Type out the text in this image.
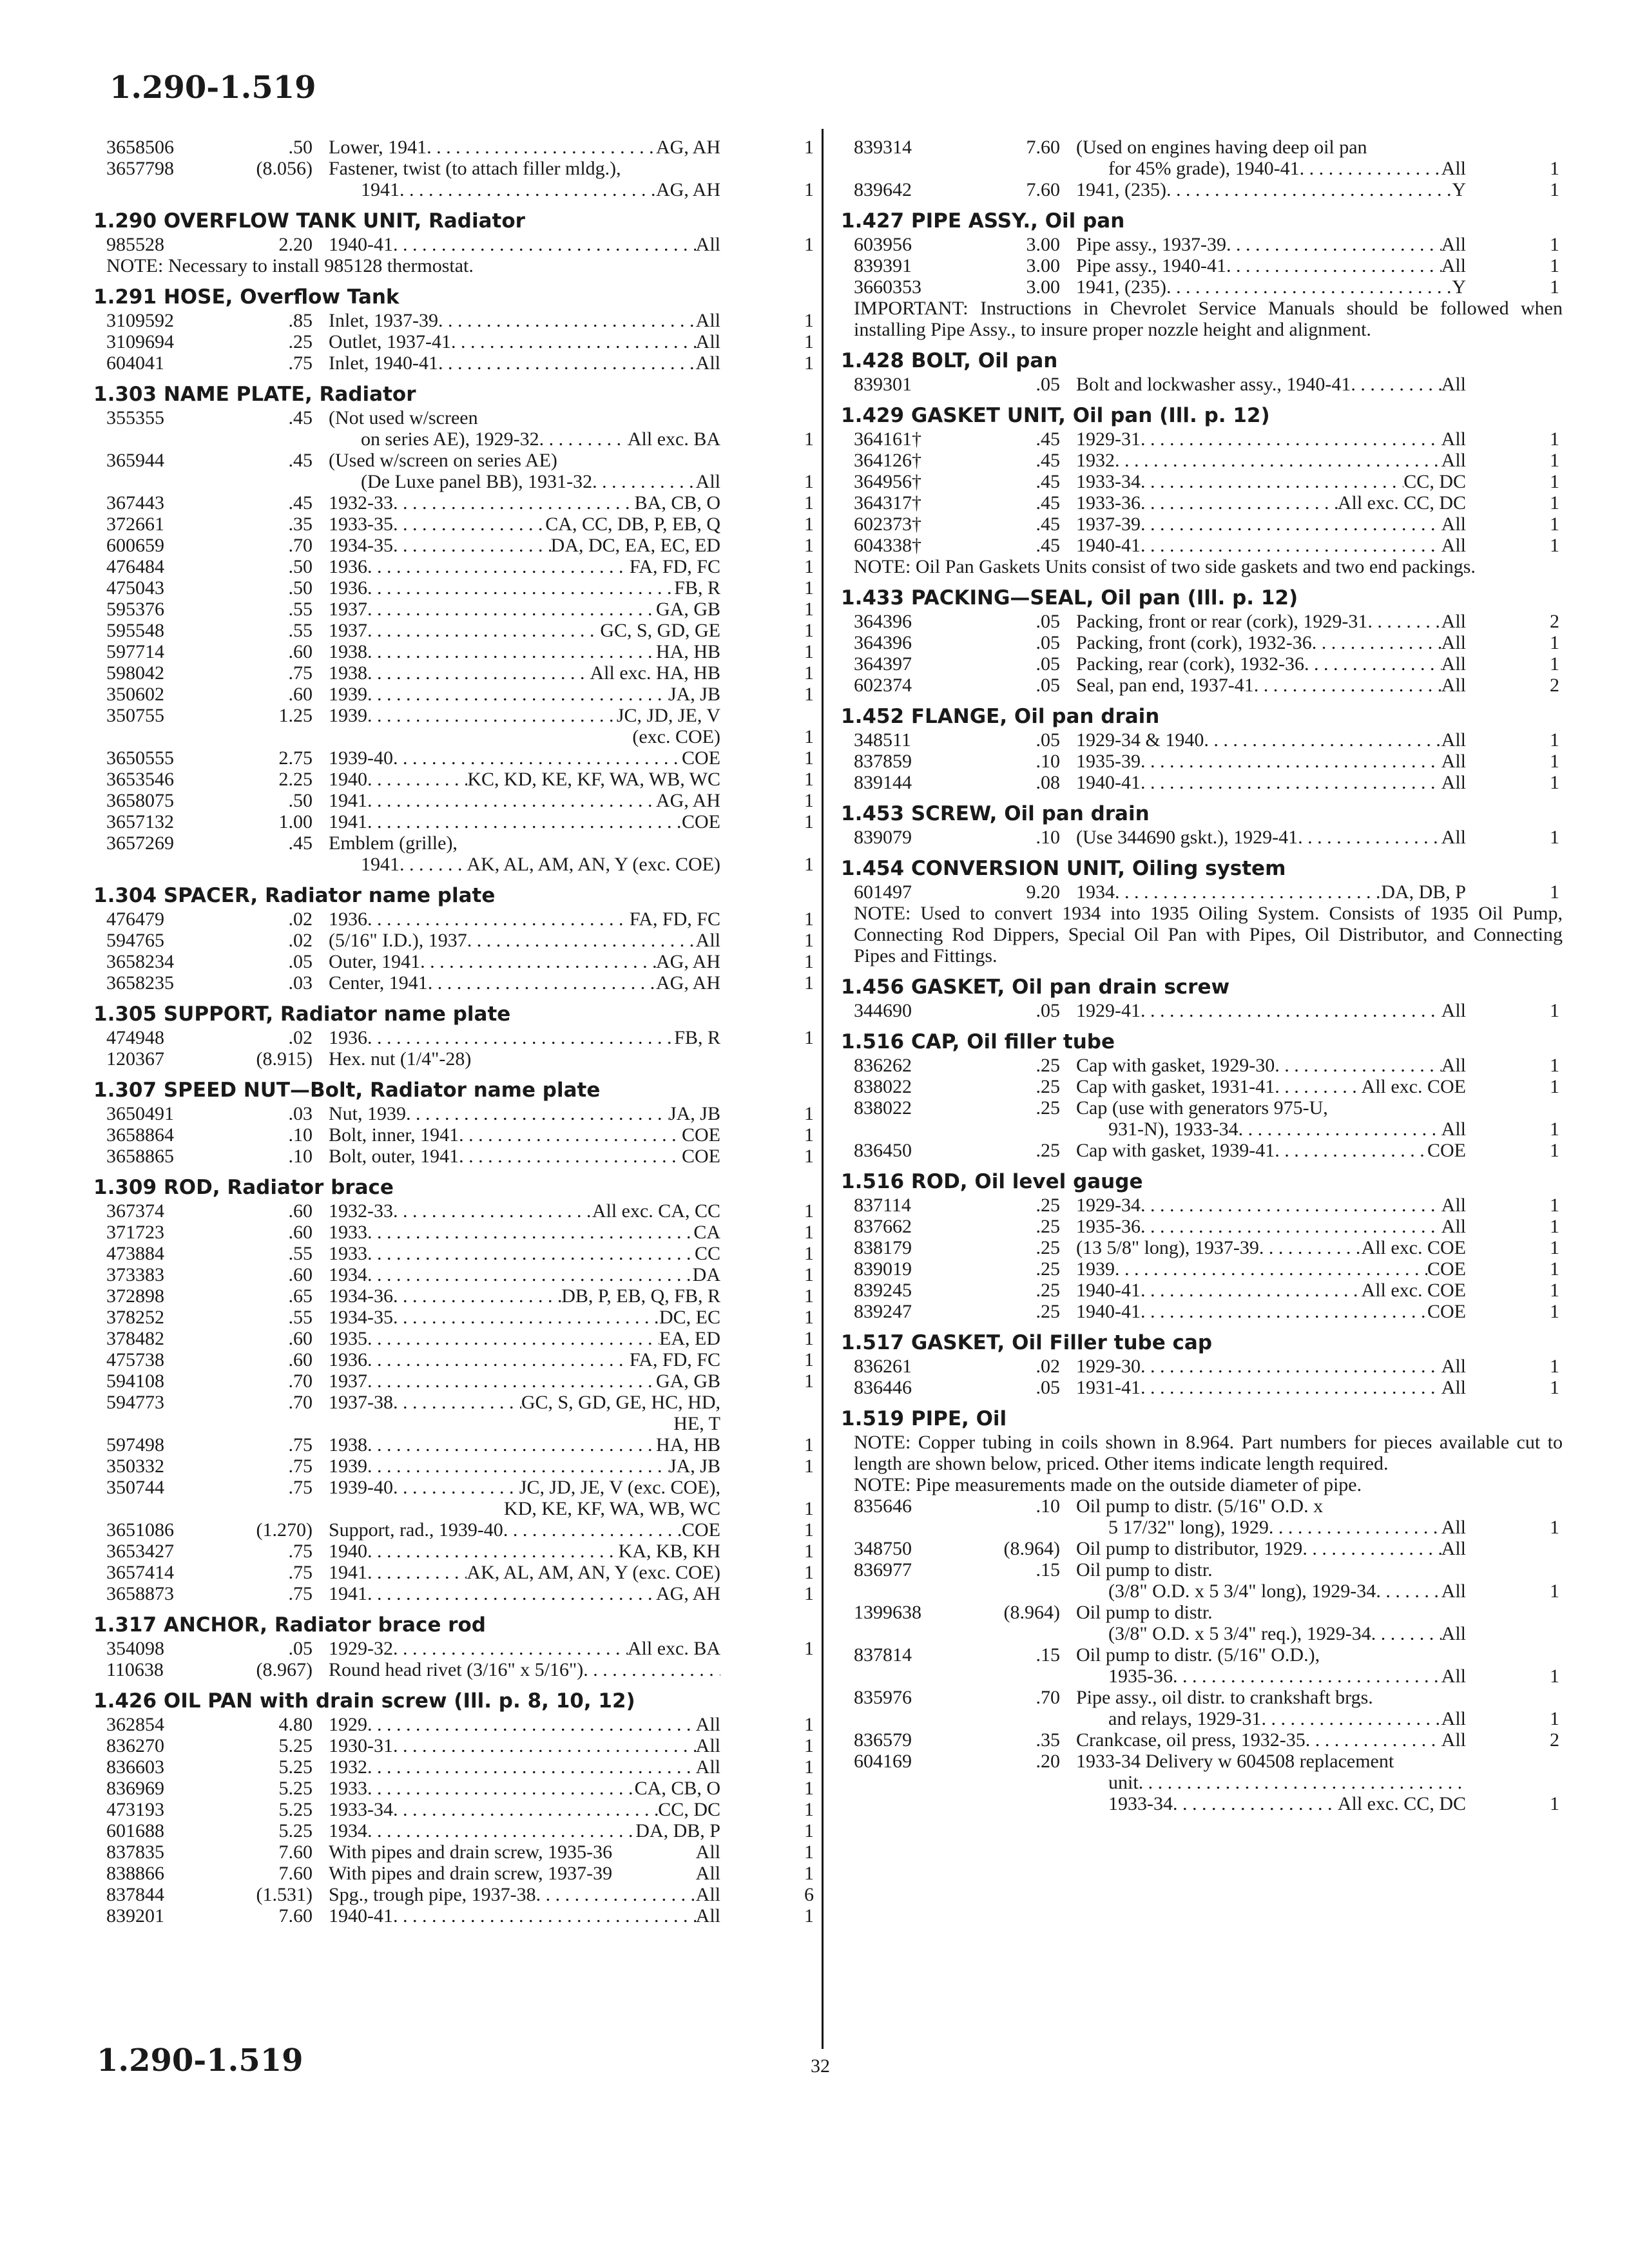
1.290-1.519
3658506	.50 Lower, 1941 . . .	AG, AH	1
3657798	(8.056) Fastener, twist (to attach filler mldg.),
1941 . . .	AG, AH	1
1.290 OVERFLOW TANK UNIT, Radiator
985528	2.20 1940-41 . . .	All	1
NOTE: Necessary to install 985128 thermostat.
1.291 HOSE, Overflow Tank
3109592	.85 Inlet, 1937-39 . . .	All	1
3109694	.25 Outlet, 1937-41 . . .	All	1
604041	.75 Inlet, 1940-41 . . .	All	1
1.303 NAME PLATE, Radiator
355355	.45 (Not used w/screen
on series AE), 1929-32 . . .	All exc. BA	1
365944	.45 (Used w/screen on series AE)
(De Luxe panel BB), 1931-32 . . .	All	1
367443	.45 1932-33 . . .	BA, CB, O	1
372661	.35 1933-35 . . .	CA, CC, DB, P, EB, Q	1
600659	.70 1934-35 . . .	DA, DC, EA, EC, ED	1
476484	.50 1936 . . .	FA, FD, FC	1
475043	.50 1936 . . .	FB, R	1
595376	.55 1937 . . .	GA, GB	1
595548	.55 1937 . . .	GC, S, GD, GE	1
597714	.60 1938 . . .	HA, HB	1
598042	.75 1938 . . .	All exc. HA, HB	1
350602	.60 1939 . . .	JA, JB	1
350755	1.25 1939 . . .	JC, JD, JE, V
(exc. COE)	1
3650555	2.75 1939-40 . . .	COE	1
3653546	2.25 1940 . . .	KC, KD, KE, KF, WA, WB, WC	1
3658075	.50 1941 . . .	AG, AH	1
3657132	1.00 1941 . . .	COE	1
3657269	.45 Emblem (grille),
1941 . . .	AK, AL, AM, AN, Y (exc. COE)	1
1.304 SPACER, Radiator name plate
476479	.02 1936 . . .	FA, FD, FC	1
594765	.02 (5/16" I.D.), 1937 . . .	All	1
3658234	.05 Outer, 1941 . . .	AG, AH	1
3658235	.03 Center, 1941 . . .	AG, AH	1
1.305 SUPPORT, Radiator name plate
474948	.02 1936 . . .	FB, R	1
120367	(8.915) Hex. nut (1/4"-28)
1.307 SPEED NUT—Bolt, Radiator name plate
3650491	.03 Nut, 1939 . . .	JA, JB	1
3658864	.10 Bolt, inner, 1941 . . .	COE	1
3658865	.10 Bolt, outer, 1941 . . .	COE	1
1.309 ROD, Radiator brace
367374	.60 1932-33 . . .	All exc. CA, CC	1
371723	.60 1933 . . .	CA	1
473884	.55 1933 . . .	CC	1
373383	.60 1934 . . .	DA	1
372898	.65 1934-36 . . .	DB, P, EB, Q, FB, R	1
378252	.55 1934-35 . . .	DC, EC	1
378482	.60 1935 . . .	EA, ED	1
475738	.60 1936 . . .	FA, FD, FC	1
594108	.70 1937 . . .	GA, GB	1
594773	.70 1937-38 . . .	GC, S, GD, GE, HC, HD,
HE, T
597498	.75 1938 . . .	HA, HB	1
350332	.75 1939 . . .	JA, JB	1
350744	.75 1939-40 . . .	JC, JD, JE, V (exc. COE),
KD, KE, KF, WA, WB, WC	1
3651086	(1.270) Support, rad., 1939-40 . . .	COE	1
3653427	.75 1940 . . .	KA, KB, KH	1
3657414	.75 1941 . . .	AK, AL, AM, AN, Y (exc. COE)	1
3658873	.75 1941 . . .	AG, AH	1
1.317 ANCHOR, Radiator brace rod
354098	.05 1929-32 . . .	All exc. BA	1
110638	(8.967) Round head rivet (3/16" x 5/16")
. . .
1.426 OIL PAN with drain screw (Ill. p. 8, 10, 12)
362854	4.80 1929 . . .	All	1
836270	5.25 1930-31 . . .	All	1
836603	5.25 1932 . . .	All	1
836969	5.25 1933 . . .	CA, CB, O	1
473193	5.25 1933-34 . . .	CC, DC	1
601688	5.25 1934 . . .	DA, DB, P	1
837835	7.60 With pipes and drain screw, 1935-36	All	1
838866	7.60 With pipes and drain screw, 1937-39	All	1
837844	(1.531) Spg., trough pipe, 1937-38 . . .	All	6
839201	7.60 1940-41 . . .	All	1
839314	7.60 (Used on engines having deep oil pan
for 45% grade), 1940-41 . . .	All	1
839642	7.60 1941, (235) . . .	Y	1
1.427 PIPE ASSY., Oil pan
603956	3.00 Pipe assy., 1937-39 . . .	All	1
839391	3.00 Pipe assy., 1940-41 . . .	All	1
3660353	3.00 1941, (235) . . .	Y	1
IMPORTANT: Instructions in Chevrolet Service Manuals should be followed when installing Pipe Assy., to insure proper nozzle height and alignment.
1.428 BOLT, Oil pan
839301	.05 Bolt and lockwasher assy., 1940-41 . . .	All
1.429 GASKET UNIT, Oil pan (Ill. p. 12)
364161†	.45 1929-31 . . .	All	1
364126†	.45 1932 . . .	All	1
364956†	.45 1933-34 . . .	CC, DC	1
364317†	.45 1933-36 . . .	All exc. CC, DC	1
602373†	.45 1937-39 . . .	All	1
604338†	.45 1940-41 . . .	All	1
NOTE: Oil Pan Gaskets Units consist of two side gaskets and two end packings.
1.433 PACKING—SEAL, Oil pan (Ill. p. 12)
364396	.05 Packing, front or rear (cork), 1929-31 . . .	All	2
364396	.05 Packing, front (cork), 1932-36 . . .	All	1
364397	.05 Packing, rear (cork), 1932-36 . . .	All	1
602374	.05 Seal, pan end, 1937-41 . . .	All	2
1.452 FLANGE, Oil pan drain
348511	.05 1929-34 & 1940 . . .	All	1
837859	.10 1935-39 . . .	All	1
839144	.08 1940-41 . . .	All	1
1.453 SCREW, Oil pan drain
839079	.10 (Use 344690 gskt.), 1929-41 . . .	All	1
1.454 CONVERSION UNIT, Oiling system
601497	9.20 1934 . . .	DA, DB, P	1
NOTE: Used to convert 1934 into 1935 Oiling System. Consists of 1935 Oil Pump, Connecting Rod Dippers, Special Oil Pan with Pipes, Oil Distributor, and Connecting Pipes and Fittings.
1.456 GASKET, Oil pan drain screw
344690	.05 1929-41 . . .	All	1
1.516 CAP, Oil filler tube
836262	.25 Cap with gasket, 1929-30 . . .	All	1
838022	.25 Cap with gasket, 1931-41 . . .	All exc. COE	1
838022	.25 Cap (use with generators 975-U,
931-N), 1933-34 . . .	All	1
836450	.25 Cap with gasket, 1939-41 . . .	COE	1
1.516 ROD, Oil level gauge
837114	.25 1929-34 . . .	All	1
837662	.25 1935-36 . . .	All	1
838179	.25 (13 5/8" long), 1937-39 . . .	All exc. COE	1
839019	.25 1939 . . .	COE	1
839245	.25 1940-41 . . .	All exc. COE	1
839247	.25 1940-41 . . .	COE	1
1.517 GASKET, Oil Filler tube cap
836261	.02 1929-30 . . .	All	1
836446	.05 1931-41 . . .	All	1
1.519 PIPE, Oil
NOTE: Copper tubing in coils shown in 8.964. Part numbers for pieces available cut to length are shown below, priced. Other items indicate length required.
NOTE: Pipe measurements made on the outside diameter of pipe.
835646	.10 Oil pump to distr. (5/16" O.D. x
5 17/32" long), 1929 . . .	All	1
348750	(8.964) Oil pump to distributor, 1929 . . .	All
836977	.15 Oil pump to distr.
(3/8" O.D. x 5 3/4" long), 1929-34 . . .	All	1
1399638	(8.964) Oil pump to distr.
(3/8" O.D. x 5 3/4" req.), 1929-34 . . .	All
837814	.15 Oil pump to distr. (5/16" O.D.),
1935-36 . . .	All	1
835976	.70 Pipe assy., oil distr. to crankshaft brgs.
and relays, 1929-31 . . .	All	1
836579	.35 Crankcase, oil press, 1932-35 . . .	All	2
604169	.20 1933-34 Delivery w 604508 replacement
unit
. . .
1933-34 . . .	All exc. CC, DC	1
1.290-1.519	32
